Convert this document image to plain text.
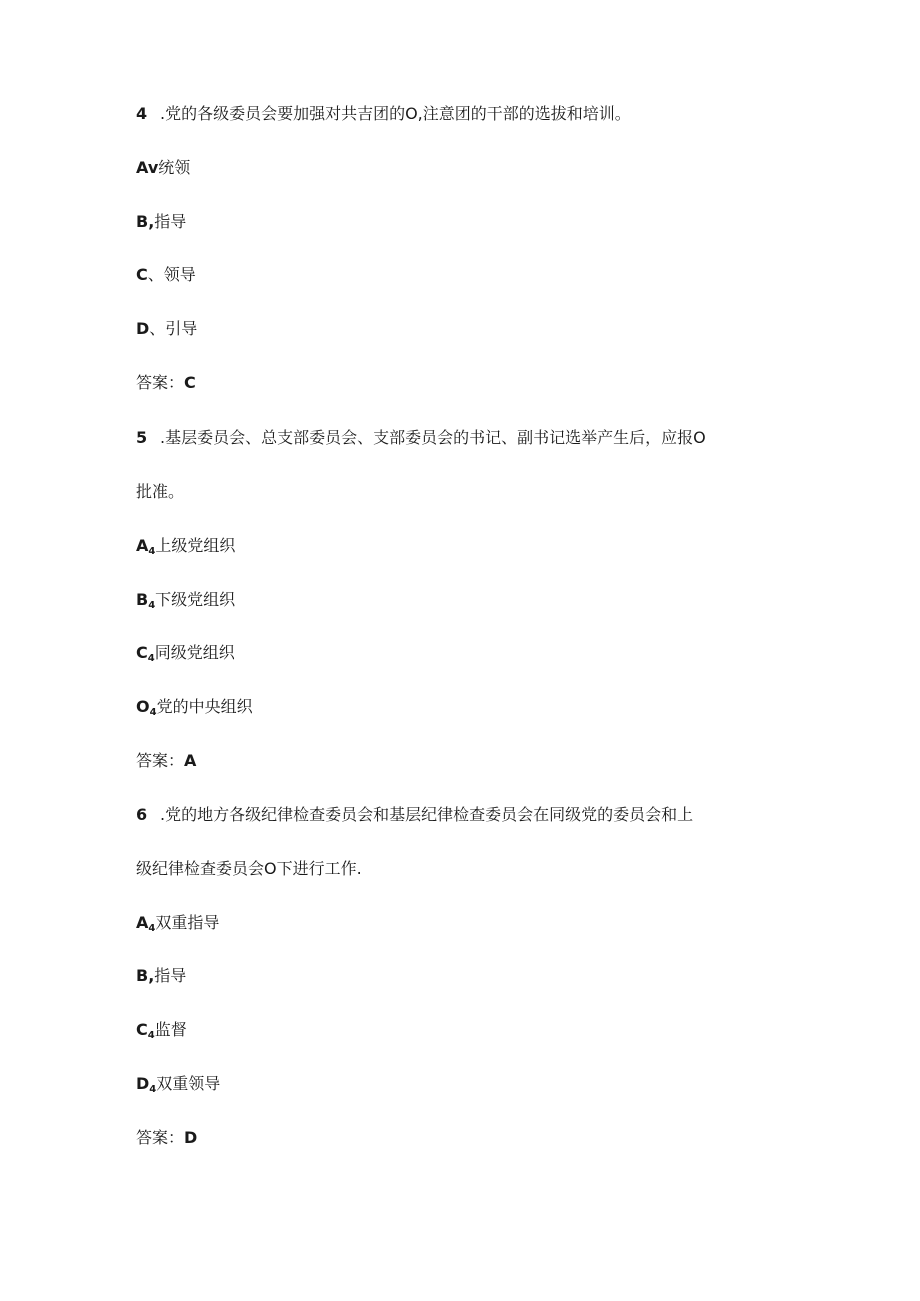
4 .党的各级委员会要加强对共吉团的O,注意团的干部的选拔和培训。
Av统领
B,指导
C、领导
D、引导
答案：C
5 .基层委员会、总支部委员会、支部委员会的书记、副书记选举产生后，应报O
批准。
$A_4$上级党组织
$B_4$下级党组织
$C_4$同级党组织
$O_4$党的中央组织
答案：A
6 .党的地方各级纪律检查委员会和基层纪律检查委员会在同级党的委员会和上
级纪律检查委员会O下进行工作.
$A_4$双重指导
B,指导
$C_4$监督
$D_4$双重领导
答案：D
